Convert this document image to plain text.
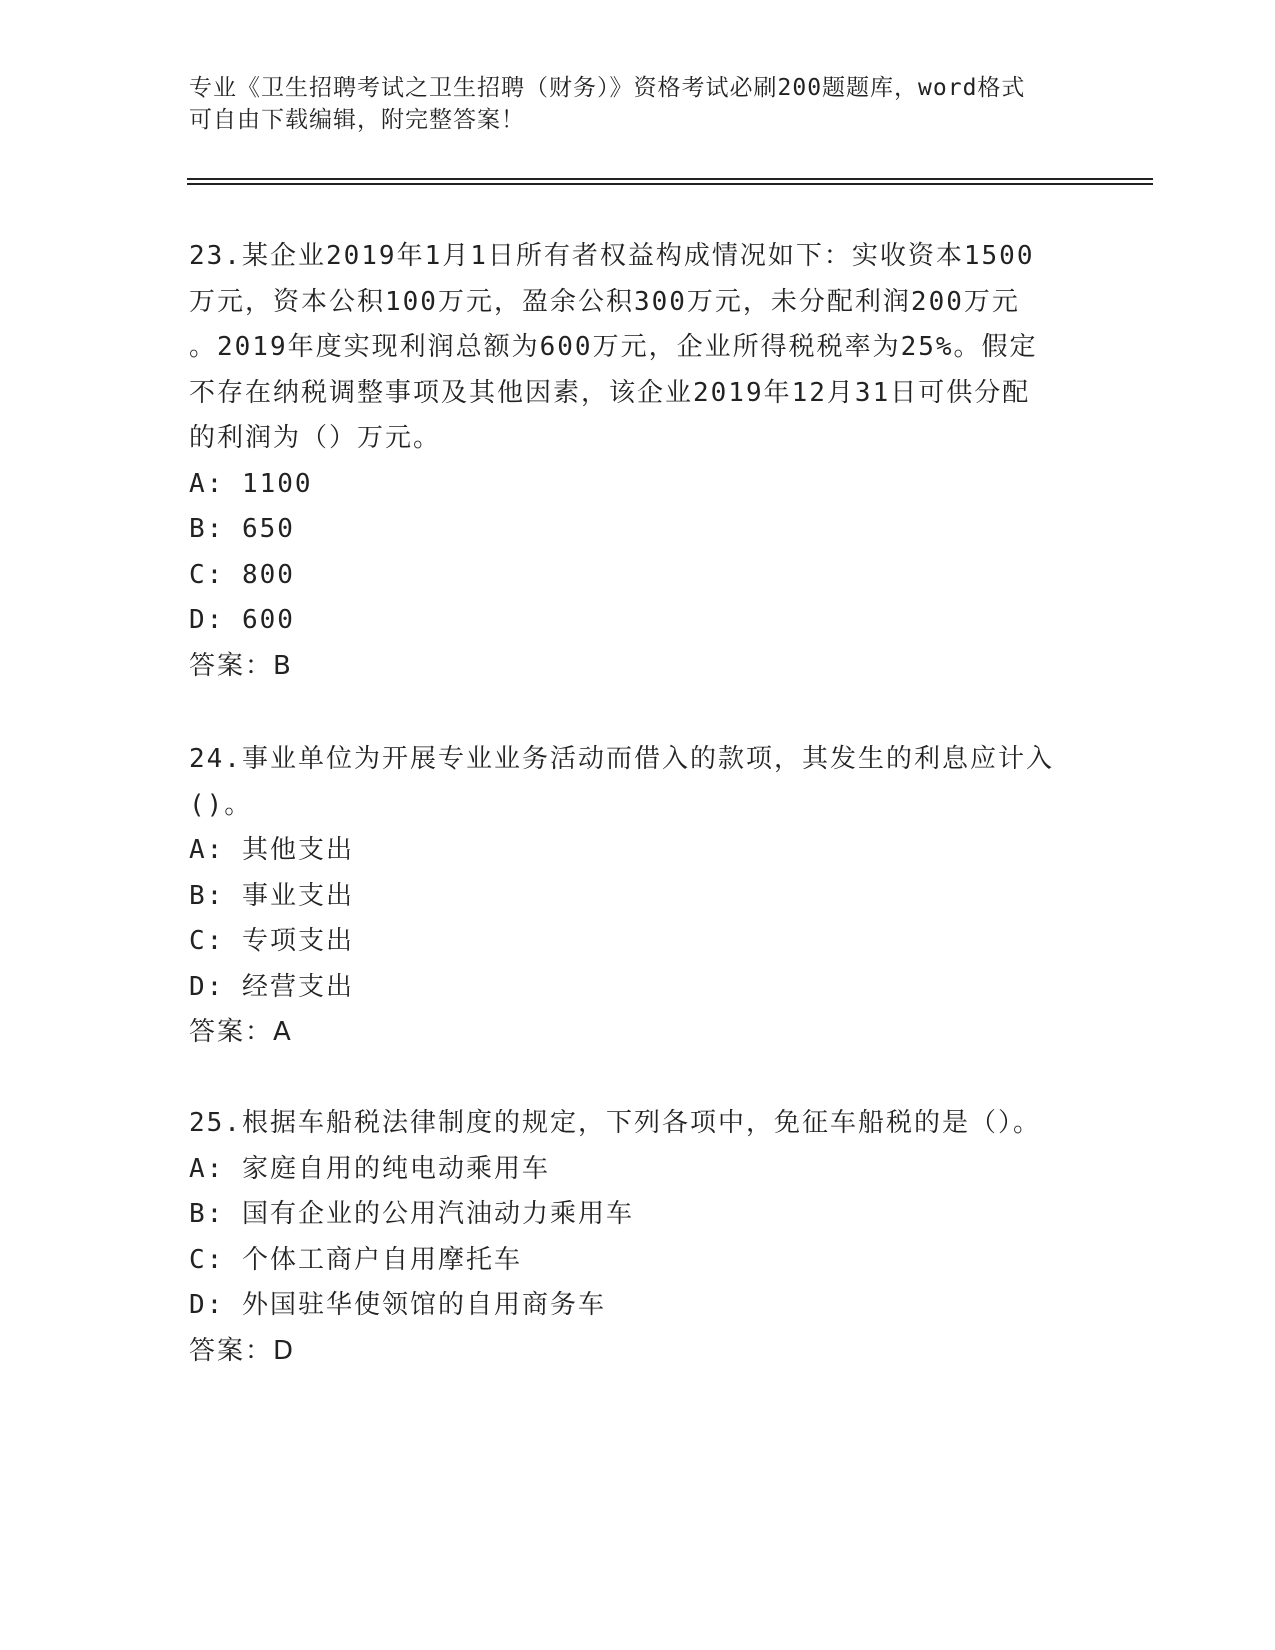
专业《卫生招聘考试之卫生招聘（财务）》资格考试必刷200题题库，word格式

可自由下载编辑，附完整答案！

23.某企业2019年1月1日所有者权益构成情况如下：实收资本1500

万元，资本公积100万元，盈余公积300万元，未分配利润200万元

。2019年度实现利润总额为600万元，企业所得税税率为25%。假定

不存在纳税调整事项及其他因素，该企业2019年12月31日可供分配

的利润为（）万元。

A: 1100

B: 650

C: 800

D: 600

答案：B

24.事业单位为开展专业业务活动而借入的款项，其发生的利息应计入

()。

A: 其他支出

B: 事业支出

C: 专项支出

D: 经营支出

答案：A

25.根据车船税法律制度的规定，下列各项中，免征车船税的是（）。

A: 家庭自用的纯电动乘用车

B: 国有企业的公用汽油动力乘用车

C: 个体工商户自用摩托车

D: 外国驻华使领馆的自用商务车

答案：D
